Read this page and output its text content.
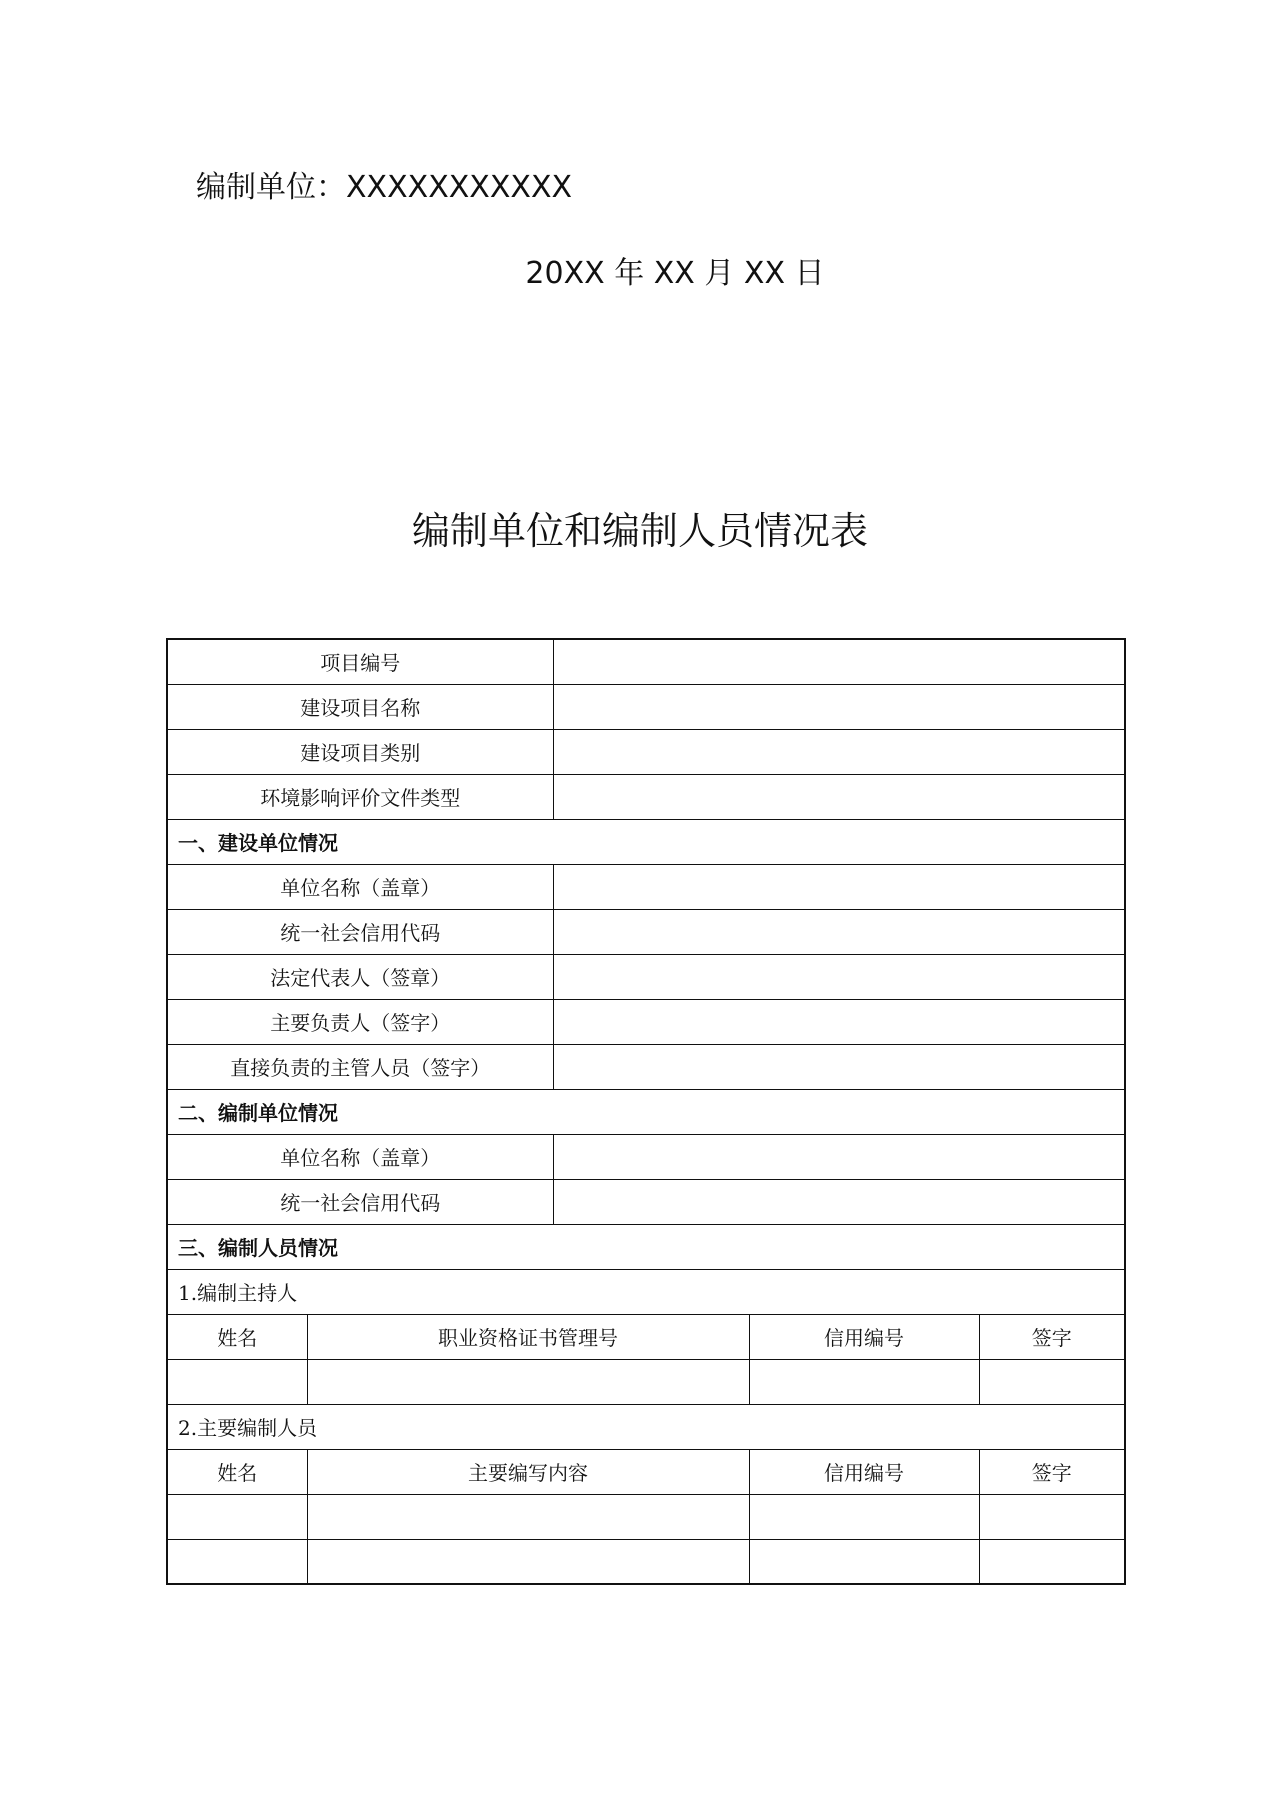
编制单位：XXXXXXXXXXX
20XX 年 XX 月 XX 日
编制单位和编制人员情况表
项目编号				
建设项目名称				
建设项目类别				
环境影响评价文件类型				
一、建设单位情况				
单位名称（盖章）				
统一社会信用代码				
法定代表人（签章）				
主要负责人（签字）				
直接负责的主管人员（签字）				
二、编制单位情况				
单位名称（盖章）				
统一社会信用代码				
三、编制人员情况				
1.编制主持人				
姓名	职业资格证书管理号		信用编号	签字

2.主要编制人员				
姓名	主要编写内容		信用编号	签字
